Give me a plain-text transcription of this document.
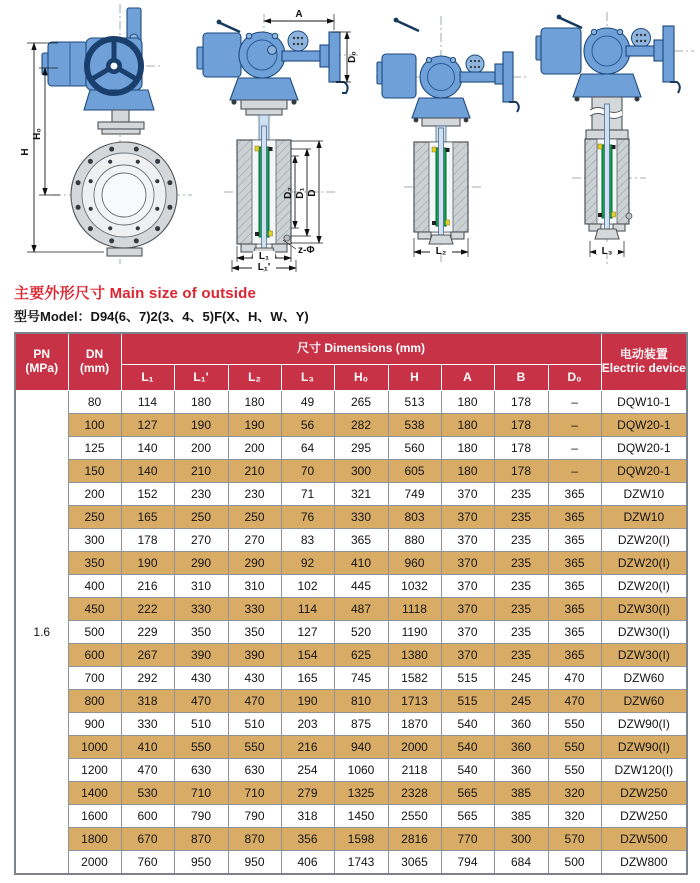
H
H₀
A
D₀
D₂ D₁ D
z-Φ
L₁
L₁'
L₂	L₃
主要外形尺寸 Main size of outside
型号Model：D94(6、7)2(3、4、5)F(X、H、W、Y)
PN
(MPa)

DN
(mm)
	尺寸 Dimensions (mm)	电动装置
Electric device

		L₁	L₁'	L₂	L₃	H₀	H	A	B	D₀	
1.6	80	114	180	180	49	265	513	180	178	–	DQW10-1
	100	127	190	190	56	282	538	180	178	–	DQW20-1
	125	140	200	200	64	295	560	180	178	–	DQW20-1
	150	140	210	210	70	300	605	180	178	–	DQW20-1
	200	152	230	230	71	321	749	370	235	365	DZW10
	250	165	250	250	76	330	803	370	235	365	DZW10
	300	178	270	270	83	365	880	370	235	365	DZW20(I)
	350	190	290	290	92	410	960	370	235	365	DZW20(I)
	400	216	310	310	102	445	1032	370	235	365	DZW20(I)
	450	222	330	330	114	487	1118	370	235	365	DZW30(I)
	500	229	350	350	127	520	1190	370	235	365	DZW30(I)
	600	267	390	390	154	625	1380	370	235	365	DZW30(I)
	700	292	430	430	165	745	1582	515	245	470	DZW60
	800	318	470	470	190	810	1713	515	245	470	DZW60
	900	330	510	510	203	875	1870	540	360	550	DZW90(I)
	1000	410	550	550	216	940	2000	540	360	550	DZW90(I)
	1200	470	630	630	254	1060	2118	540	360	550	DZW120(I)
	1400	530	710	710	279	1325	2328	565	385	320	DZW250
	1600	600	790	790	318	1450	2550	565	385	320	DZW250
	1800	670	870	870	356	1598	2816	770	300	570	DZW500
	2000	760	950	950	406	1743	3065	794	684	500	DZW800
